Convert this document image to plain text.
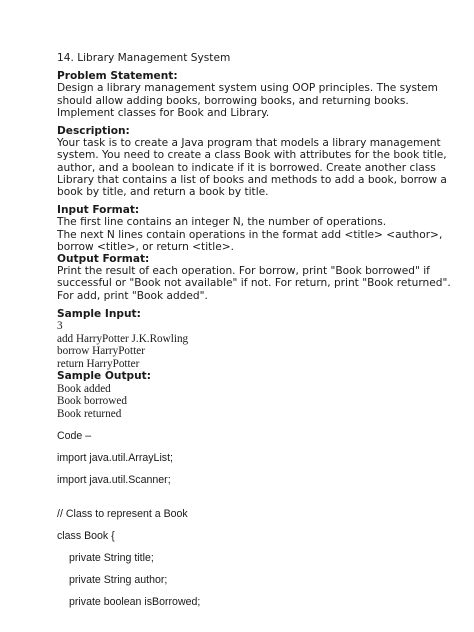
14. Library Management System
Problem Statement:
Design a library management system using OOP principles. The system
should allow adding books, borrowing books, and returning books.
Implement classes for Book and Library.
Description:
Your task is to create a Java program that models a library management
system. You need to create a class Book with attributes for the book title,
author, and a boolean to indicate if it is borrowed. Create another class
Library that contains a list of books and methods to add a book, borrow a
book by title, and return a book by title.
Input Format:
The first line contains an integer N, the number of operations.
The next N lines contain operations in the format add <title> <author>,
borrow <title>, or return <title>.
Output Format:
Print the result of each operation. For borrow, print "Book borrowed" if
successful or "Book not available" if not. For return, print "Book returned".
For add, print "Book added".
Sample Input:
3
add HarryPotter J.K.Rowling
borrow HarryPotter
return HarryPotter
Sample Output:
Book added
Book borrowed
Book returned
Code –
import java.util.ArrayList;
import java.util.Scanner;
// Class to represent a Book
class Book {
private String title;
private String author;
private boolean isBorrowed;
